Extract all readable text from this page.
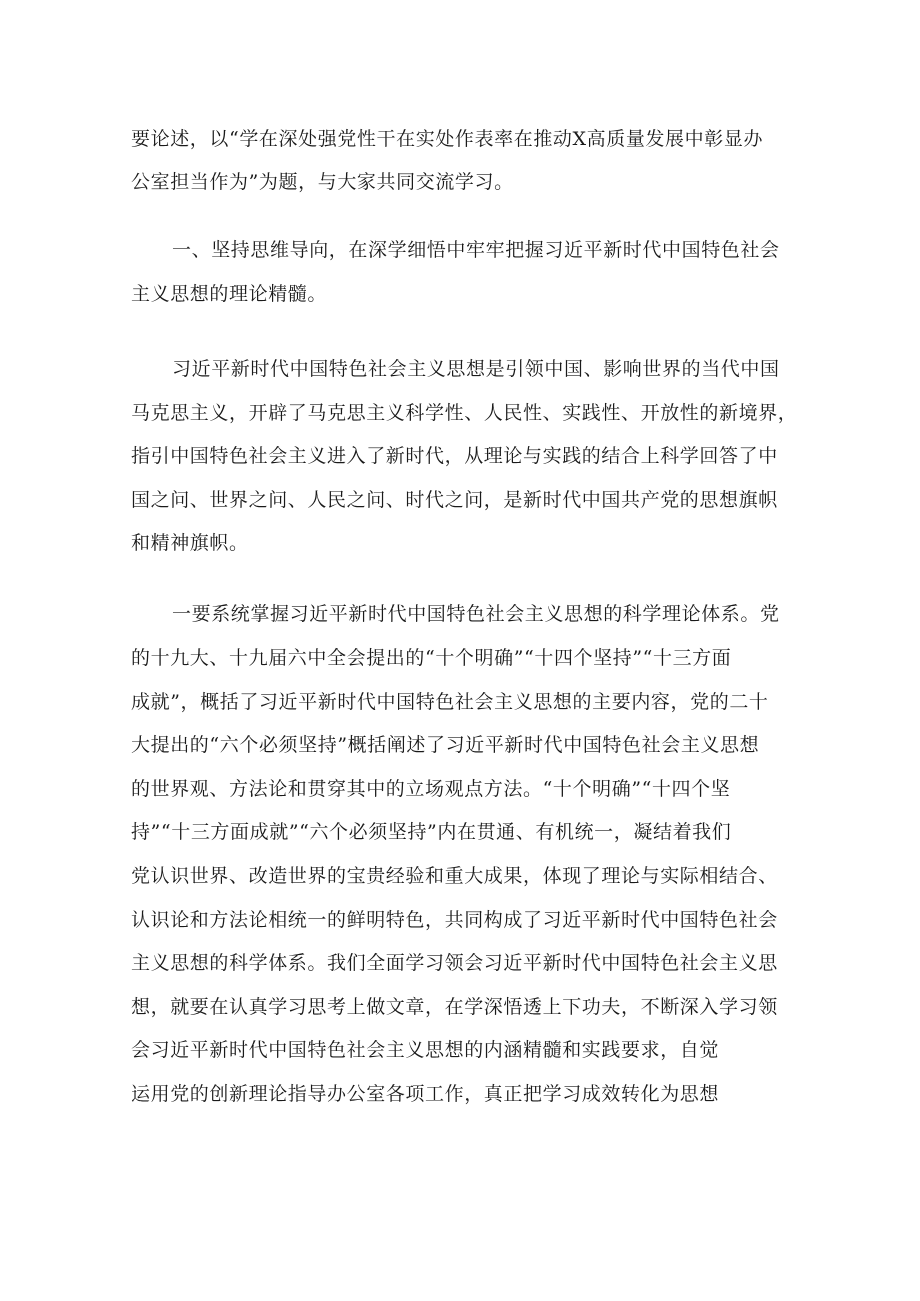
要论述，以“学在深处强党性干在实处作表率在推动X高质量发展中彰显办
公室担当作为”为题，与大家共同交流学习。
一、坚持思维导向，在深学细悟中牢牢把握习近平新时代中国特色社会
主义思想的理论精髓。
习近平新时代中国特色社会主义思想是引领中国、影响世界的当代中国
马克思主义，开辟了马克思主义科学性、人民性、实践性、开放性的新境界，
指引中国特色社会主义进入了新时代，从理论与实践的结合上科学回答了中
国之问、世界之问、人民之问、时代之问，是新时代中国共产党的思想旗帜
和精神旗帜。
一要系统掌握习近平新时代中国特色社会主义思想的科学理论体系。党
的十九大、十九届六中全会提出的“十个明确”“十四个坚持”“十三方面
成就”，概括了习近平新时代中国特色社会主义思想的主要内容，党的二十
大提出的“六个必须坚持”概括阐述了习近平新时代中国特色社会主义思想
的世界观、方法论和贯穿其中的立场观点方法。“十个明确”“十四个坚
持”“十三方面成就”“六个必须坚持”内在贯通、有机统一，凝结着我们
党认识世界、改造世界的宝贵经验和重大成果，体现了理论与实际相结合、
认识论和方法论相统一的鲜明特色，共同构成了习近平新时代中国特色社会
主义思想的科学体系。我们全面学习领会习近平新时代中国特色社会主义思
想，就要在认真学习思考上做文章，在学深悟透上下功夫，不断深入学习领
会习近平新时代中国特色社会主义思想的内涵精髓和实践要求，自觉
运用党的创新理论指导办公室各项工作，真正把学习成效转化为思想
